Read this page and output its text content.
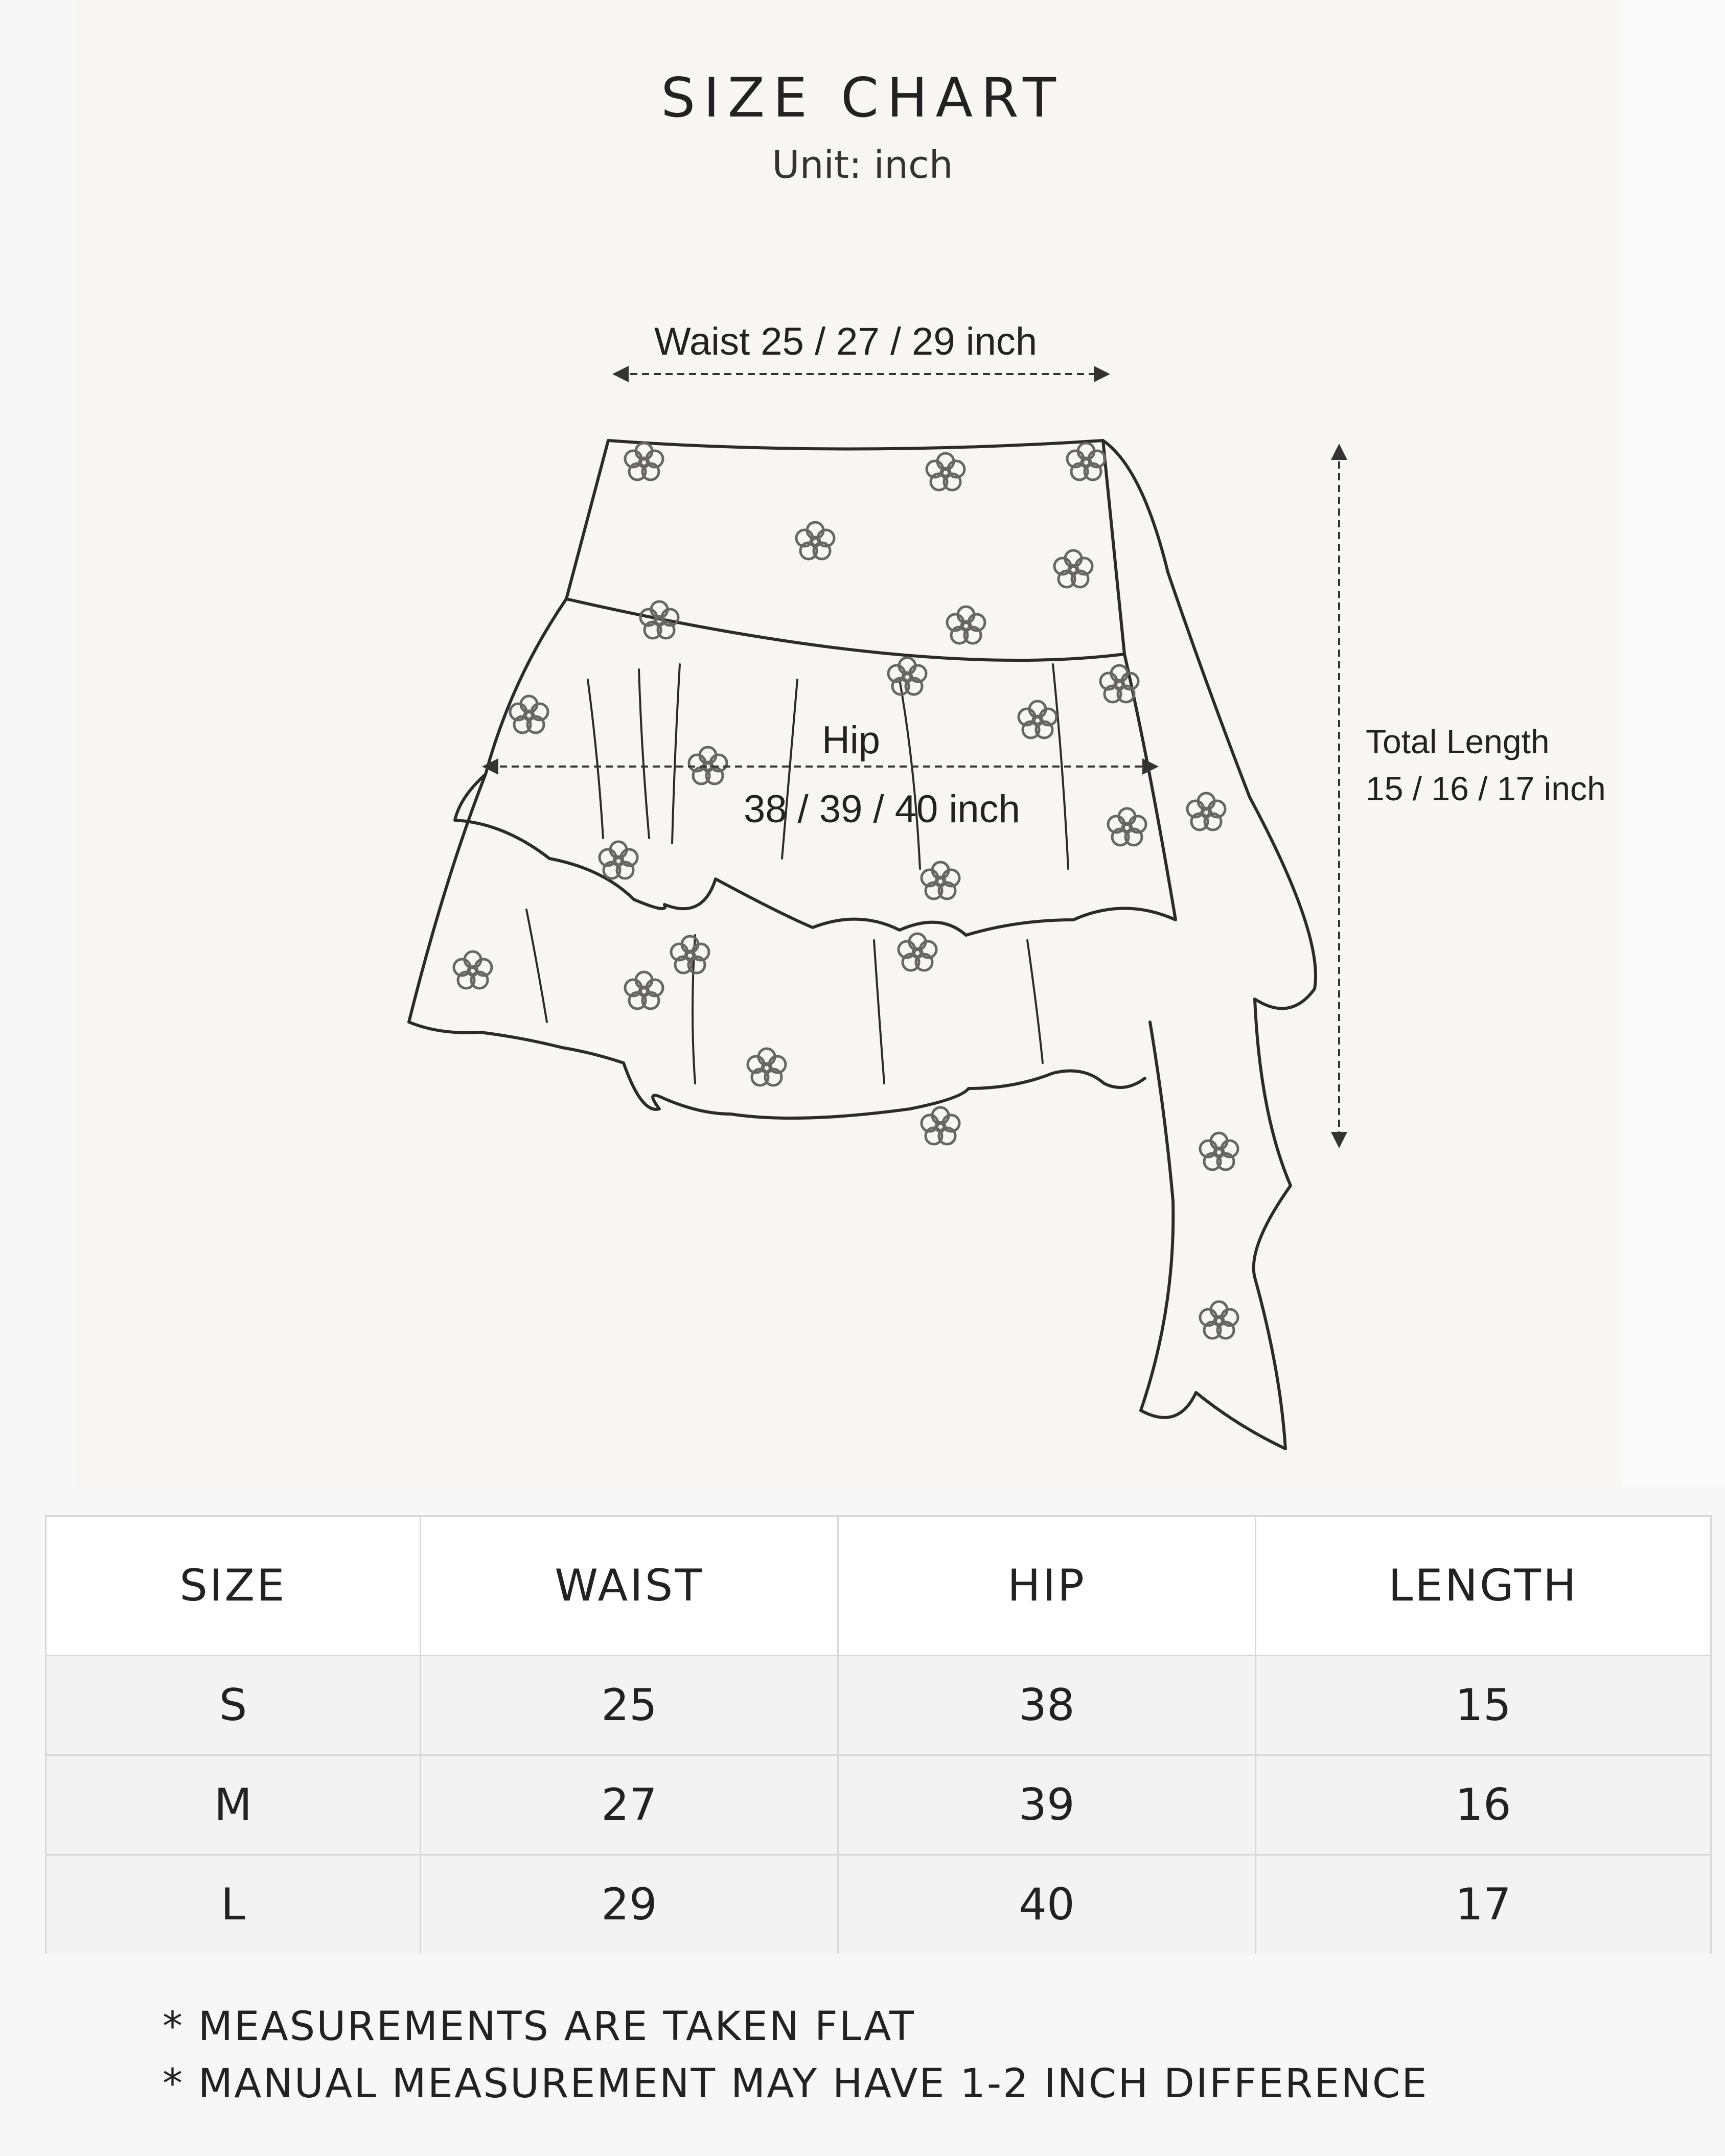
SIZE CHART
Unit: inch
Waist 25 / 27 / 29 inch
Hip
38 / 39 / 40 inch
Total Length
15 / 16 / 17 inch
SIZE	WAIST	HIP	LENGTH
S	25	38	15
M	27	39	16
L	29	40	17
* MEASUREMENTS ARE TAKEN FLAT
* MANUAL MEASUREMENT MAY HAVE 1-2 INCH DIFFERENCE
